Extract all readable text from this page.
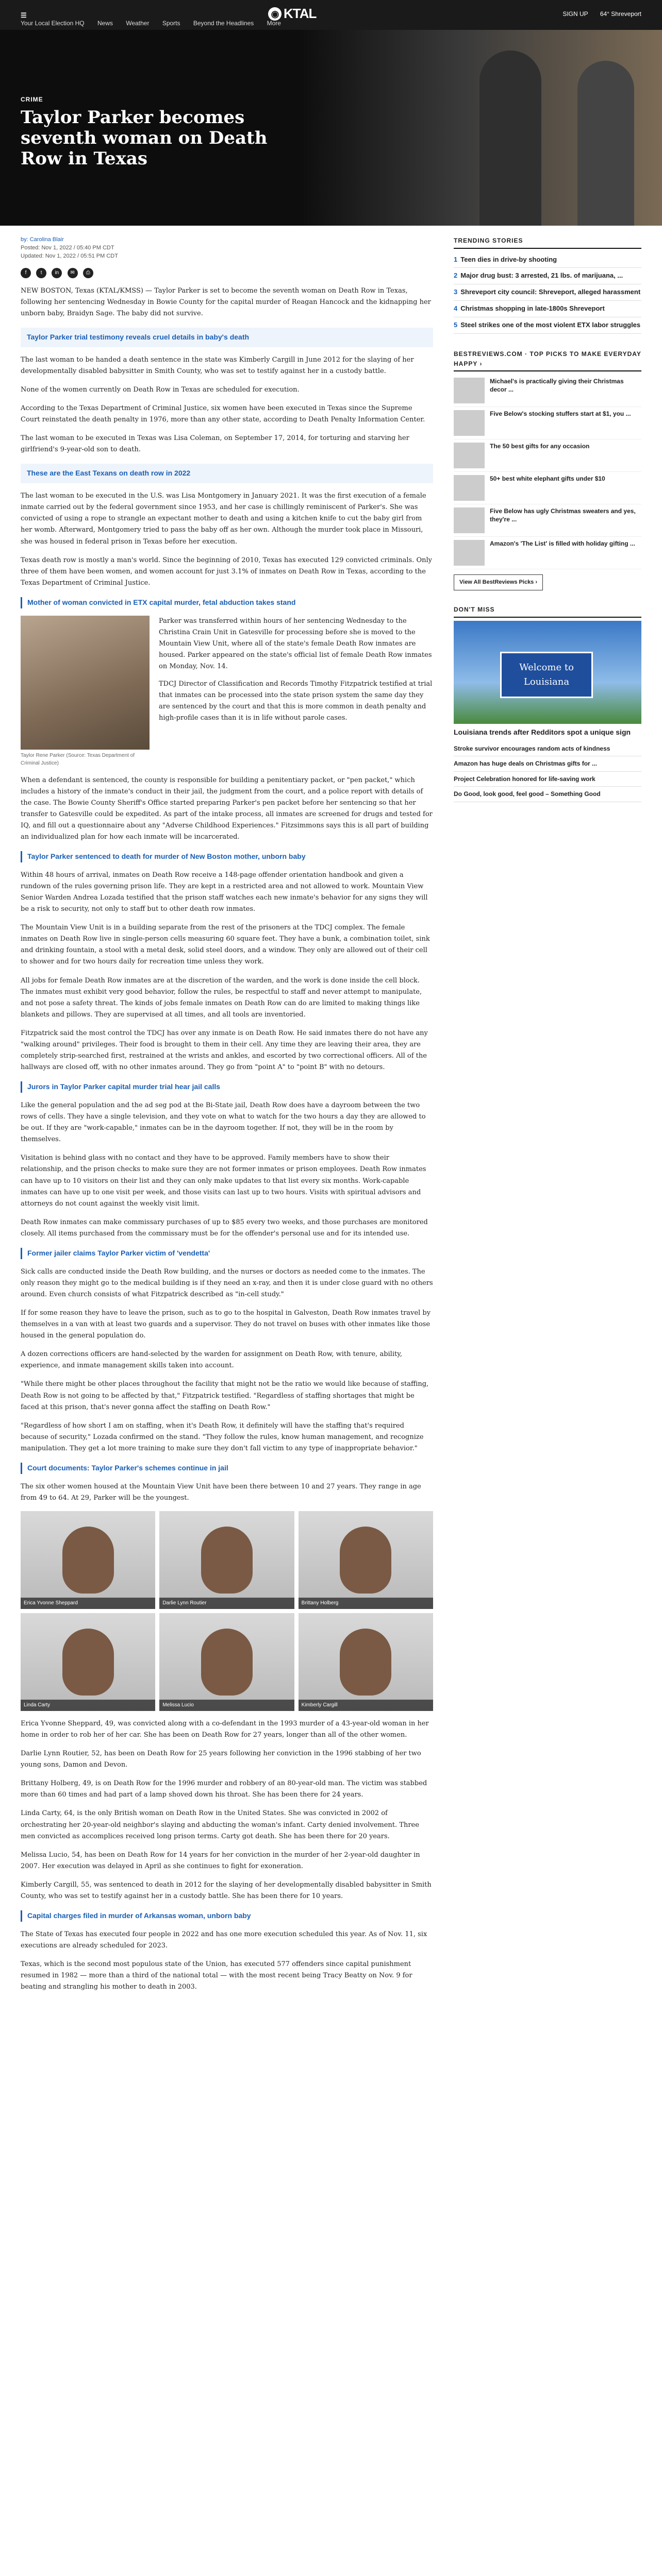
☰	◉ KTAL
Your Local Election HQ News Weather Sports Beyond the Headlines More
SIGN UP 64° Shreveport
CRIME
Taylor Parker becomes seventh woman on Death Row in Texas
by: Carolina Blair
Posted: Nov 1, 2022 / 05:40 PM CDT
Updated: Nov 1, 2022 / 05:51 PM CDT
f	t in ✉ ⎙

NEW BOSTON, Texas (KTAL/KMSS) — Taylor Parker is set to become the seventh woman on Death Row in Texas, following her sentencing Wednesday in Bowie County for the capital murder of Reagan Hancock and the kidnapping her unborn baby, Braidyn Sage. The baby did not survive.

Taylor Parker trial testimony reveals cruel details in baby's death

The last woman to be handed a death sentence in the state was Kimberly Cargill in June 2012 for the slaying of her developmentally disabled babysitter in Smith County, who was set to testify against her in a custody battle.

None of the women currently on Death Row in Texas are scheduled for execution.

According to the Texas Department of Criminal Justice, six women have been executed in Texas since the Supreme Court reinstated the death penalty in 1976, more than any other state, according to Death Penalty Information Center.

The last woman to be executed in Texas was Lisa Coleman, on September 17, 2014, for torturing and starving her girlfriend's 9-year-old son to death.

These are the East Texans on death row in 2022

The last woman to be executed in the U.S. was Lisa Montgomery in January 2021. It was the first execution of a female inmate carried out by the federal government since 1953, and her case is chillingly reminiscent of Parker's. She was convicted of using a rope to strangle an expectant mother to death and using a kitchen knife to cut the baby girl from her womb. Afterward, Montgomery tried to pass the baby off as her own. Although the murder took place in Missouri, she was housed in federal prison in Texas before her execution.

Texas death row is mostly a man's world. Since the beginning of 2010, Texas has executed 129 convicted criminals. Only three of them have been women, and women account for just 3.1% of inmates on Death Row in Texas, according to the Texas Department of Criminal Justice.

Mother of woman convicted in ETX capital murder, fetal abduction takes stand
Taylor Rene Parker (Source: Texas Department of Criminal Justice)

Parker was transferred within hours of her sentencing Wednesday to the Christina Crain Unit in Gatesville for processing before she is moved to the Mountain View Unit, where all of the state's female Death Row inmates are housed. Parker appeared on the state's official list of female Death Row inmates on Monday, Nov. 14.

TDCJ Director of Classification and Records Timothy Fitzpatrick testified at trial that inmates can be processed into the state prison system the same day they are sentenced by the court and that this is more common in death penalty and high-profile cases than it is in life without parole cases.

When a defendant is sentenced, the county is responsible for building a penitentiary packet, or "pen packet," which includes a history of the inmate's conduct in their jail, the judgment from the court, and a police report with details of the case. The Bowie County Sheriff's Office started preparing Parker's pen packet before her sentencing so that her transfer to Gatesville could be expedited. As part of the intake process, all inmates are screened for drugs and tested for IQ, and fill out a questionnaire about any "Adverse Childhood Experiences." Fitzsimmons says this is all part of building an individualized plan for how each inmate will be incarcerated.

Taylor Parker sentenced to death for murder of New Boston mother, unborn baby

Within 48 hours of arrival, inmates on Death Row receive a 148-page offender orientation handbook and given a rundown of the rules governing prison life. They are kept in a restricted area and not allowed to work. Mountain View Senior Warden Andrea Lozada testified that the prison staff watches each new inmate's behavior for any signs they will be a risk to security, not only to staff but to other death row inmates.

The Mountain View Unit is in a building separate from the rest of the prisoners at the TDCJ complex. The female inmates on Death Row live in single-person cells measuring 60 square feet. They have a bunk, a combination toilet, sink and drinking fountain, a stool with a metal desk, solid steel doors, and a window. They only are allowed out of their cell to shower and for two hours daily for recreation time unless they work.

All jobs for female Death Row inmates are at the discretion of the warden, and the work is done inside the cell block. The inmates must exhibit very good behavior, follow the rules, be respectful to staff and never attempt to manipulate, and not pose a safety threat. The kinds of jobs female inmates on Death Row can do are limited to making things like blankets and pillows. They are supervised at all times, and all tools are inventoried.

Fitzpatrick said the most control the TDCJ has over any inmate is on Death Row. He said inmates there do not have any "walking around" privileges. Their food is brought to them in their cell. Any time they are leaving their area, they are completely strip-searched first, restrained at the wrists and ankles, and escorted by two correctional officers. All of the hallways are closed off, with no other inmates around. They go from "point A" to "point B" with no detours.

Jurors in Taylor Parker capital murder trial hear jail calls

Like the general population and the ad seg pod at the Bi-State jail, Death Row does have a dayroom between the two rows of cells. They have a single television, and they vote on what to watch for the two hours a day they are allowed to be out. If they are "work-capable," inmates can be in the dayroom together. If not, they will be in the room by themselves.

Visitation is behind glass with no contact and they have to be approved. Family members have to show their relationship, and the prison checks to make sure they are not former inmates or prison employees. Death Row inmates can have up to 10 visitors on their list and they can only make updates to that list every six months. Work-capable inmates can have up to one visit per week, and those visits can last up to two hours. Visits with spiritual advisors and attorneys do not count against the weekly visit limit.

Death Row inmates can make commissary purchases of up to $85 every two weeks, and those purchases are monitored closely. All items purchased from the commissary must be for the offender's personal use and for its intended use.

Former jailer claims Taylor Parker victim of 'vendetta'

Sick calls are conducted inside the Death Row building, and the nurses or doctors as needed come to the inmates. The only reason they might go to the medical building is if they need an x-ray, and then it is under close guard with no others around. Even church consists of what Fitzpatrick described as "in-cell study."

If for some reason they have to leave the prison, such as to go to the hospital in Galveston, Death Row inmates travel by themselves in a van with at least two guards and a supervisor. They do not travel on buses with other inmates like those housed in the general population do.

A dozen corrections officers are hand-selected by the warden for assignment on Death Row, with tenure, ability, experience, and inmate management skills taken into account.

"While there might be other places throughout the facility that might not be the ratio we would like because of staffing, Death Row is not going to be affected by that," Fitzpatrick testified. "Regardless of staffing shortages that might be faced at this prison, that's never gonna affect the staffing on Death Row."

"Regardless of how short I am on staffing, when it's Death Row, it definitely will have the staffing that's required because of security," Lozada confirmed on the stand. "They follow the rules, know human management, and recognize manipulation. They get a lot more training to make sure they don't fall victim to any type of inappropriate behavior."

Court documents: Taylor Parker's schemes continue in jail

The six other women housed at the Mountain View Unit have been there between 10 and 27 years. They range in age from 49 to 64. At 29, Parker will be the youngest.

Erica Yvonne Sheppard	Darlie Lynn Routier	Brittany Holberg
Linda Carty	Melissa Lucio	Kimberly Cargill

Erica Yvonne Sheppard, 49, was convicted along with a co-defendant in the 1993 murder of a 43-year-old woman in her home in order to rob her of her car. She has been on Death Row for 27 years, longer than all of the other women.

Darlie Lynn Routier, 52, has been on Death Row for 25 years following her conviction in the 1996 stabbing of her two young sons, Damon and Devon.

Brittany Holberg, 49, is on Death Row for the 1996 murder and robbery of an 80-year-old man. The victim was stabbed more than 60 times and had part of a lamp shoved down his throat. She has been there for 24 years.

Linda Carty, 64, is the only British woman on Death Row in the United States. She was convicted in 2002 of orchestrating her 20-year-old neighbor's slaying and abducting the woman's infant. Carty denied involvement. Three men convicted as accomplices received long prison terms. Carty got death. She has been there for 20 years.

Melissa Lucio, 54, has been on Death Row for 14 years for her conviction in the murder of her 2-year-old daughter in 2007. Her execution was delayed in April as she continues to fight for exoneration.

Kimberly Cargill, 55, was sentenced to death in 2012 for the slaying of her developmentally disabled babysitter in Smith County, who was set to testify against her in a custody battle. She has been there for 10 years.

Capital charges filed in murder of Arkansas woman, unborn baby

The State of Texas has executed four people in 2022 and has one more execution scheduled this year. As of Nov. 11, six executions are already scheduled for 2023.

Texas, which is the second most populous state of the Union, has executed 577 offenders since capital punishment resumed in 1982 — more than a third of the national total — with the most recent being Tracy Beatty on Nov. 9 for beating and strangling his mother to death in 2003.

TRENDING STORIES
1 Teen dies in drive-by shooting
2 Major drug bust: 3 arrested, 21 lbs. of marijuana, ...
3 Shreveport city council: Shreveport, alleged harassment
4 Christmas shopping in late-1800s Shreveport
5 Steel strikes one of the most violent ETX labor struggles
BESTREVIEWS.COM · TOP PICKS TO MAKE EVERYDAY HAPPY ›
Michael's is practically giving their Christmas decor ...
Five Below's stocking stuffers start at $1, you ...
The 50 best gifts for any occasion
50+ best white elephant gifts under $10
Five Below has ugly Christmas sweaters and yes, they're ...
Amazon's 'The List' is filled with holiday gifting ...
View All BestReviews Picks ›
DON'T MISS
Welcome to Louisiana
Louisiana trends after Redditors spot a unique sign
Stroke survivor encourages random acts of kindness
Amazon has huge deals on Christmas gifts for ...
Project Celebration honored for life-saving work
Do Good, look good, feel good – Something Good
